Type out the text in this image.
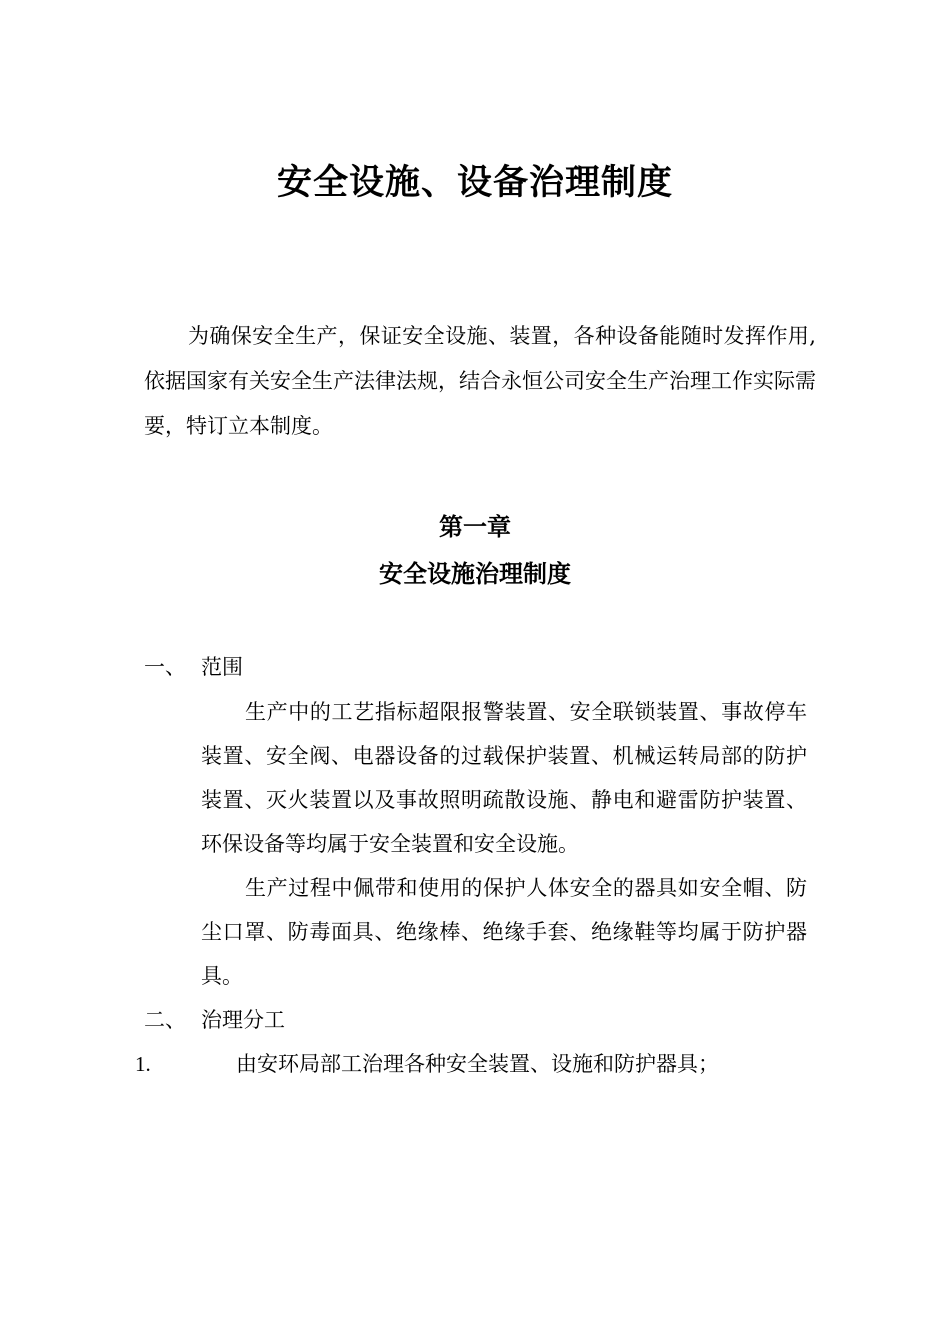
安全设施、设备治理制度

为确保安全生产，保证安全设施、装置，各种设备能随时发挥作用,依据国家有关安全生产法律法规，结合永恒公司安全生产治理工作实际需要，特订立本制度。

第一章
安全设施治理制度
一、 范围

生产中的工艺指标超限报警装置、安全联锁装置、事故停车装置、安全阀、电器设备的过载保护装置、机械运转局部的防护装置、灭火装置以及事故照明疏散设施、静电和避雷防护装置、环保设备等均属于安全装置和安全设施。

生产过程中佩带和使用的保护人体安全的器具如安全帽、防尘口罩、防毒面具、绝缘棒、绝缘手套、绝缘鞋等均属于防护器具。

二、 治理分工
1.	由安环局部工治理各种安全装置、设施和防护器具；
